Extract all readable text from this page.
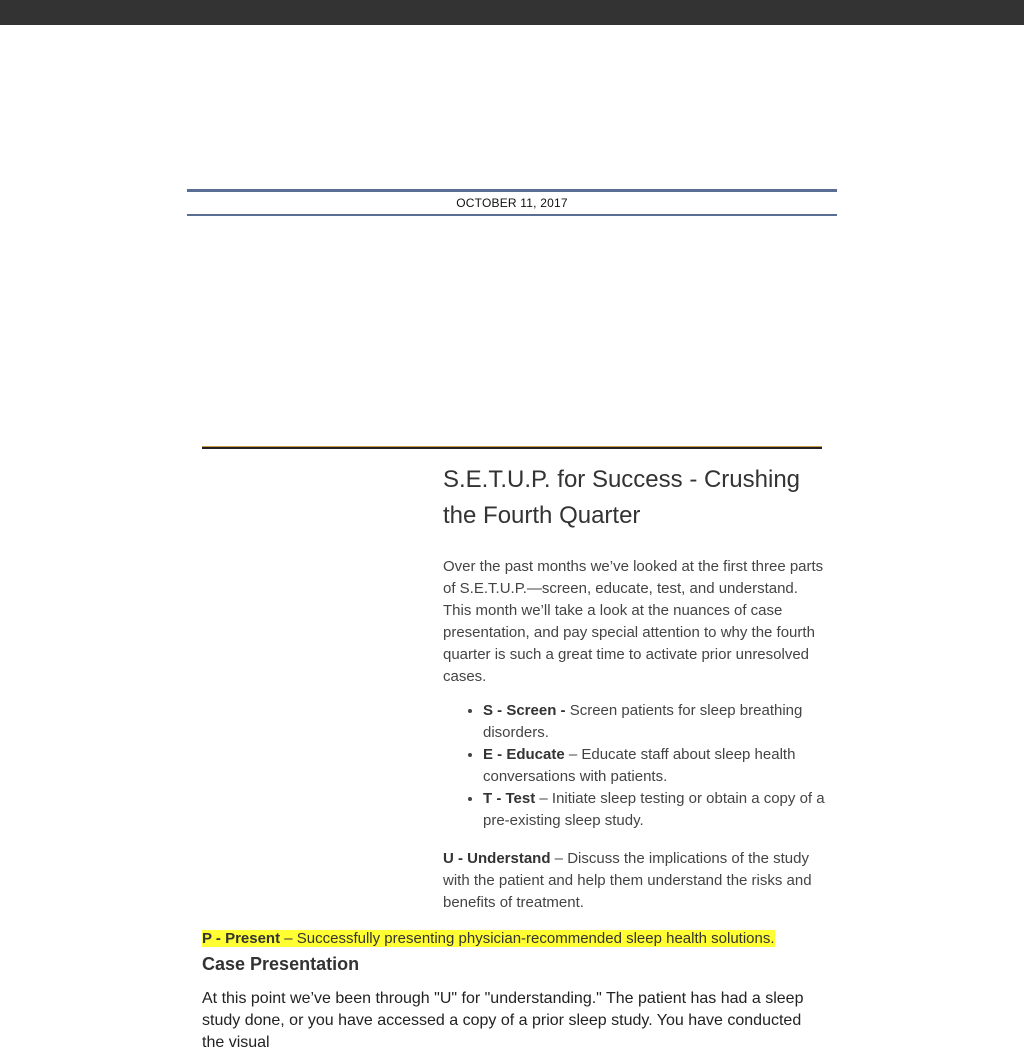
OCTOBER 11, 2017
S.E.T.U.P. for Success - Crushing the Fourth Quarter

Over the past months we’ve looked at the first three parts of S.E.T.U.P.—screen, educate, test, and understand. This month we’ll take a look at the nuances of case presentation, and pay special attention to why the fourth quarter is such a great time to activate prior unresolved cases.

• S - Screen - Screen patients for sleep breathing disorders.
• E - Educate – Educate staff about sleep health conversations with patients.
• T - Test – Initiate sleep testing or obtain a copy of a pre-existing sleep study.

U - Understand – Discuss the implications of the study with the patient and help them understand the risks and benefits of treatment.

P - Present – Successfully presenting physician-recommended sleep health solutions.

Case Presentation

At this point we’ve been through "U" for "understanding." The patient has had a sleep study done, or you have accessed a copy of a prior sleep study. You have conducted the visual
